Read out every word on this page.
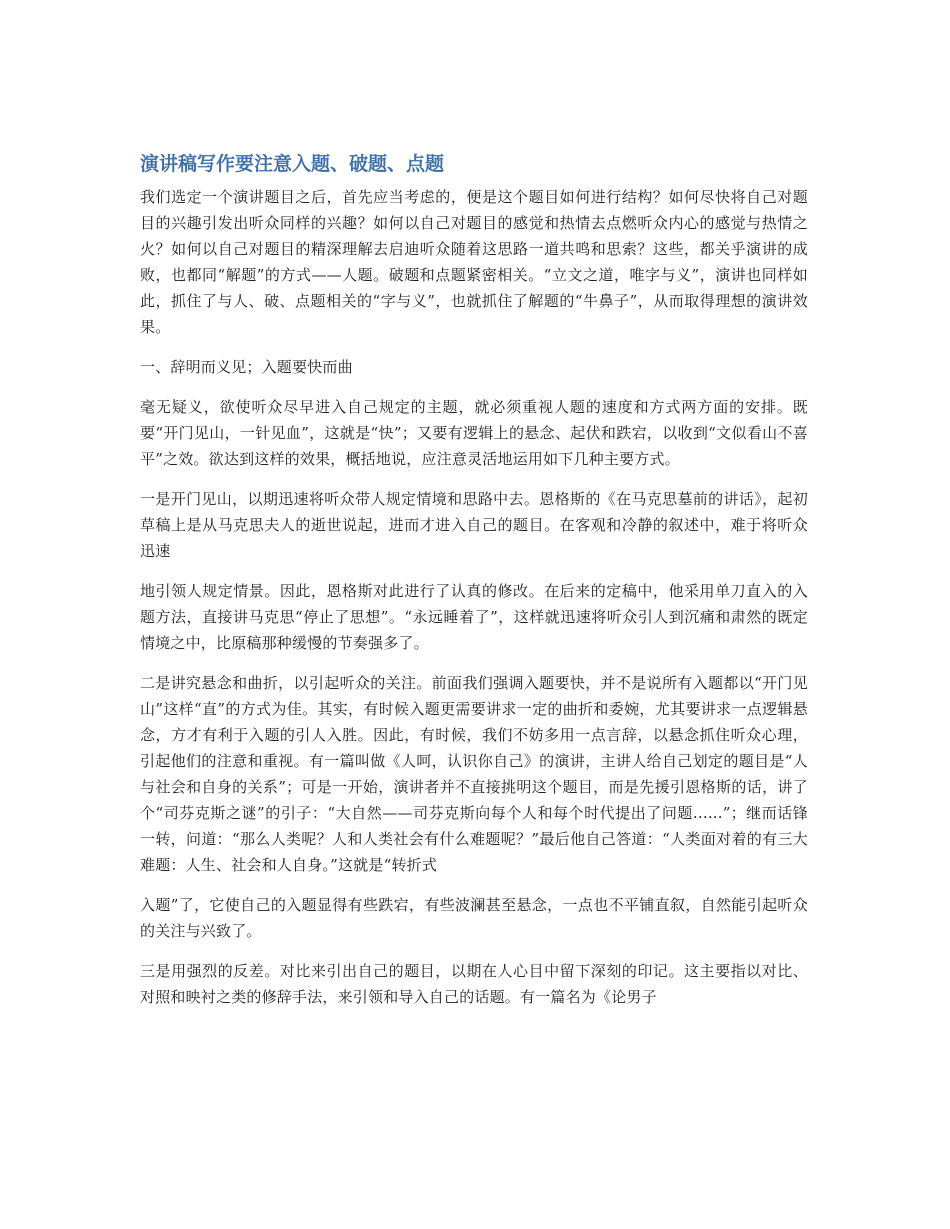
演讲稿写作要注意入题、破题、点题

我们选定一个演讲题目之后，首先应当考虑的，便是这个题目如何进行结构？如何尽快将自己对题目的兴趣引发出听众同样的兴趣？如何以自己对题目的感觉和热情去点燃听众内心的感觉与热情之火？如何以自己对题目的精深理解去启迪听众随着这思路一道共鸣和思索？这些，都关乎演讲的成败，也都同“解题”的方式——人题。破题和点题紧密相关。“立文之道，唯字与义”，演讲也同样如此，抓住了与人、破、点题相关的“字与义”，也就抓住了解题的“牛鼻子”，从而取得理想的演讲效果。

一、辞明而义见；入题要快而曲

毫无疑义，欲使听众尽早进入自己规定的主题，就必须重视人题的速度和方式两方面的安排。既要“开门见山，一针见血”，这就是“快”；又要有逻辑上的悬念、起伏和跌宕，以收到“文似看山不喜平”之效。欲达到这样的效果，概括地说，应注意灵活地运用如下几种主要方式。

一是开门见山，以期迅速将听众带人规定情境和思路中去。恩格斯的《在马克思墓前的讲话》，起初草稿上是从马克思夫人的逝世说起，进而才进入自己的题目。在客观和冷静的叙述中，难于将听众迅速

地引领人规定情景。因此，恩格斯对此进行了认真的修改。在后来的定稿中，他采用单刀直入的入题方法，直接讲马克思“停止了思想”。“永远睡着了”，这样就迅速将听众引人到沉痛和肃然的既定情境之中，比原稿那种缓慢的节奏强多了。

二是讲究悬念和曲折，以引起听众的关注。前面我们强调入题要快，并不是说所有入题都以“开门见山”这样“直”的方式为佳。其实，有时候入题更需要讲求一定的曲折和委婉，尤其要讲求一点逻辑悬念，方才有利于入题的引人入胜。因此，有时候，我们不妨多用一点言辞，以悬念抓住听众心理，引起他们的注意和重视。有一篇叫做《人呵，认识你自己》的演讲，主讲人给自己划定的题目是“人与社会和自身的关系”；可是一开始，演讲者并不直接挑明这个题目，而是先援引恩格斯的话，讲了个“司芬克斯之谜”的引子：“大自然——司芬克斯向每个人和每个时代提出了问题......”；继而话锋一转，问道：“那么人类呢？人和人类社会有什么难题呢？”最后他自己答道：“人类面对着的有三大难题：人生、社会和人自身。”这就是“转折式

入题”了，它使自己的入题显得有些跌宕，有些波澜甚至悬念，一点也不平铺直叙，自然能引起听众的关注与兴致了。

三是用强烈的反差。对比来引出自己的题目，以期在人心目中留下深刻的印记。这主要指以对比、对照和映衬之类的修辞手法，来引领和导入自己的话题。有一篇名为《论男子
